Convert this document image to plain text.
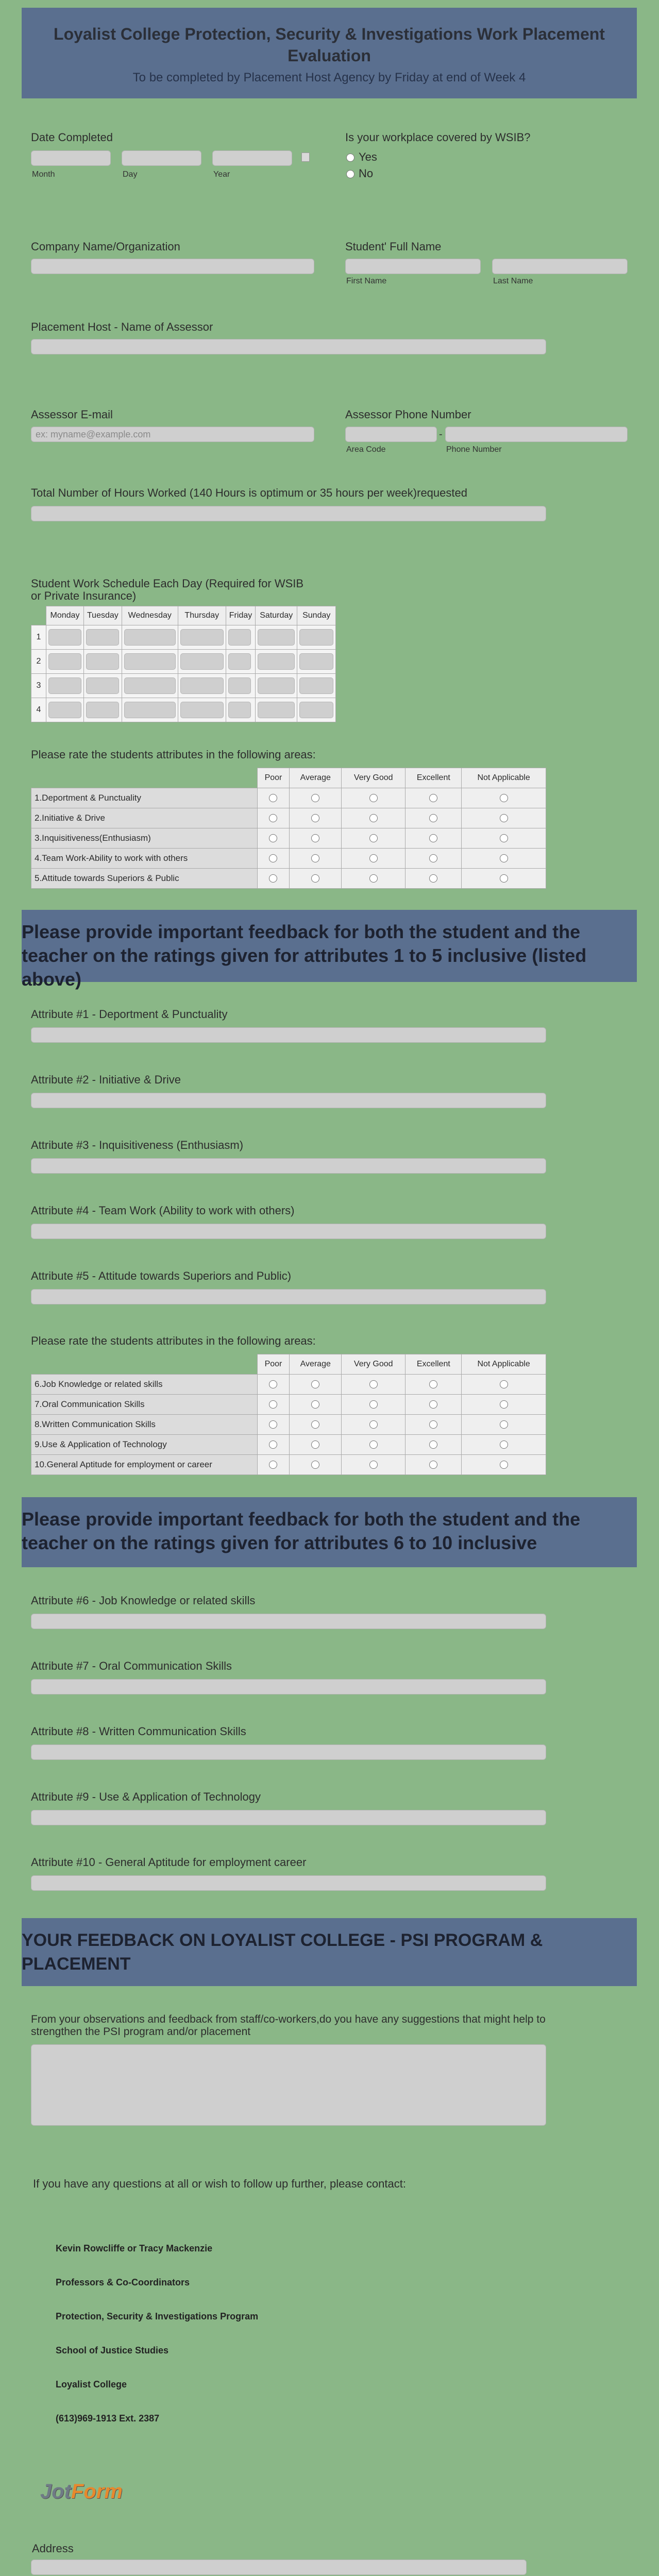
Loyalist College Protection, Security & Investigations Work Placement Evaluation
To be completed by Placement Host Agency by Friday at end of Week 4
Date Completed
Month	Day	Year
Is your workplace covered by WSIB?
Yes
No
Company Name/Organization	Student' Full Name
First Name	Last Name
Placement Host - Name of Assessor
Assessor E-mail
ex: myname@example.com
Assessor Phone Number
-
Area Code	Phone Number
Total Number of Hours Worked (140 Hours is optimum or 35 hours per week)requested
Student Work Schedule Each Day (Required for WSIB
or Private Insurance)
	Monday	Tuesday	Wednesday	Thursday	Friday	Saturday	Sunday
1	

2	

3	

4	

Please rate the students attributes in the following areas:
	Poor	Average	Very Good	Excellent	Not Applicable
1.Deportment & Punctuality					
2.Initiative & Drive					
3.Inquisitiveness(Enthusiasm)					
4.Team Work-Ability to work with others					
5.Attitude towards Superiors & Public					
Please provide important feedback for both the student and the teacher on the ratings given for attributes 1 to 5 inclusive (listed above)
Attribute #1 - Deportment & Punctuality
Attribute #2 - Initiative & Drive
Attribute #3 - Inquisitiveness (Enthusiasm)
Attribute #4 - Team Work (Ability to work with others)
Attribute #5 - Attitude towards Superiors and Public)
Please rate the students attributes in the following areas:
	Poor	Average	Very Good	Excellent	Not Applicable
6.Job Knowledge or related skills					
7.Oral Communication Skills					
8.Written Communication Skills					
9.Use & Application of Technology					
10.General Aptitude for employment or career					
Please provide important feedback for both the student and the teacher on the ratings given for attributes 6 to 10 inclusive
Attribute #6 - Job Knowledge or related skills
Attribute #7 - Oral Communication Skills
Attribute #8 - Written Communication Skills
Attribute #9 - Use & Application of Technology
Attribute #10 - General Aptitude for employment career
YOUR FEEDBACK ON LOYALIST COLLEGE - PSI PROGRAM & PLACEMENT
From your observations and feedback from staff/co-workers,do you have any suggestions that might help to
strengthen the PSI program and/or placement
If you have any questions at all or wish to follow up further, please contact:
Kevin Rowcliffe or Tracy Mackenzie
Professors & Co-Coordinators
Protection, Security & Investigations Program
School of Justice Studies
Loyalist College
(613)969-1913 Ext. 2387
JotForm
Address
